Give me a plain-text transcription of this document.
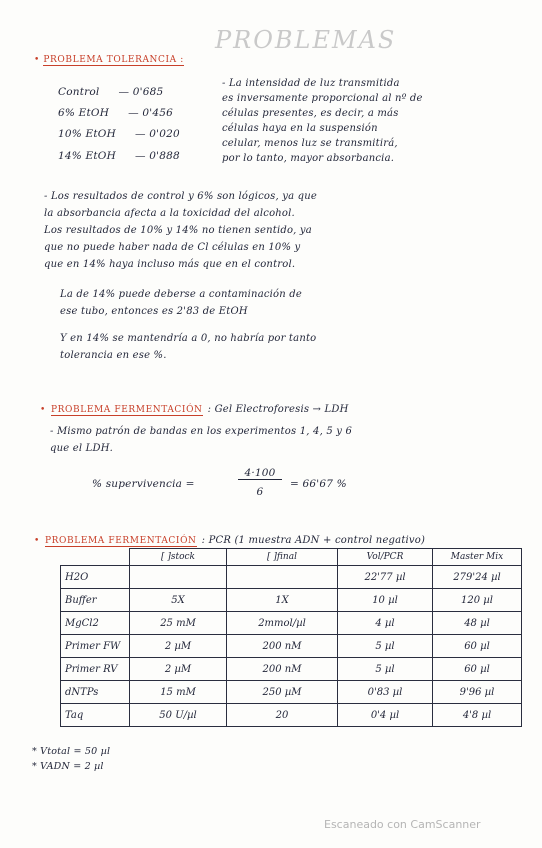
PROBLEMAS
• PROBLEMA TOLERANCIA :
Control — 0'685
6% EtOH — 0'456
10% EtOH — 0'020
14% EtOH — 0'888
- La intensidad de luz transmitida
es inversamente proporcional al nº de
células presentes, es decir, a más
células haya en la suspensión
celular, menos luz se transmitirá,
por lo tanto, mayor absorbancia.
- Los resultados de control y 6% son lógicos, ya que
la absorbancia afecta a la toxicidad del alcohol.
Los resultados de 10% y 14% no tienen sentido, ya
que no puede haber nada de Cl células en 10% y
que en 14% haya incluso más que en el control.
La de 14% puede deberse a contaminación de
ese tubo, entonces es 2'83 de EtOH
Y en 14% se mantendría a 0, no habría por tanto
tolerancia en ese %.
• PROBLEMA FERMENTACIÓN : Gel Electroforesis → LDH
- Mismo patrón de bandas en los experimentos 1, 4, 5 y 6
que el LDH.
% supervivencia =
4·100
6
= 66'67 %
• PROBLEMA FERMENTACIÓN : PCR (1 muestra ADN + control negativo)
	[ ]stock	[ ]final	Vol/PCR	Master Mix
H2O			22'77 µl	279'24 µl
Buffer	5X	1X	10 µl	120 µl
MgCl2	25 mM	2mmol/µl	4 µl	48 µl
Primer FW	2 µM	200 nM	5 µl	60 µl
Primer RV	2 µM	200 nM	5 µl	60 µl
dNTPs	15 mM	250 µM	0'83 µl	9'96 µl
Taq	50 U/µl	20	0'4 µl	4'8 µl
* Vtotal = 50 µl
* VADN = 2 µl
Escaneado con CamScanner
